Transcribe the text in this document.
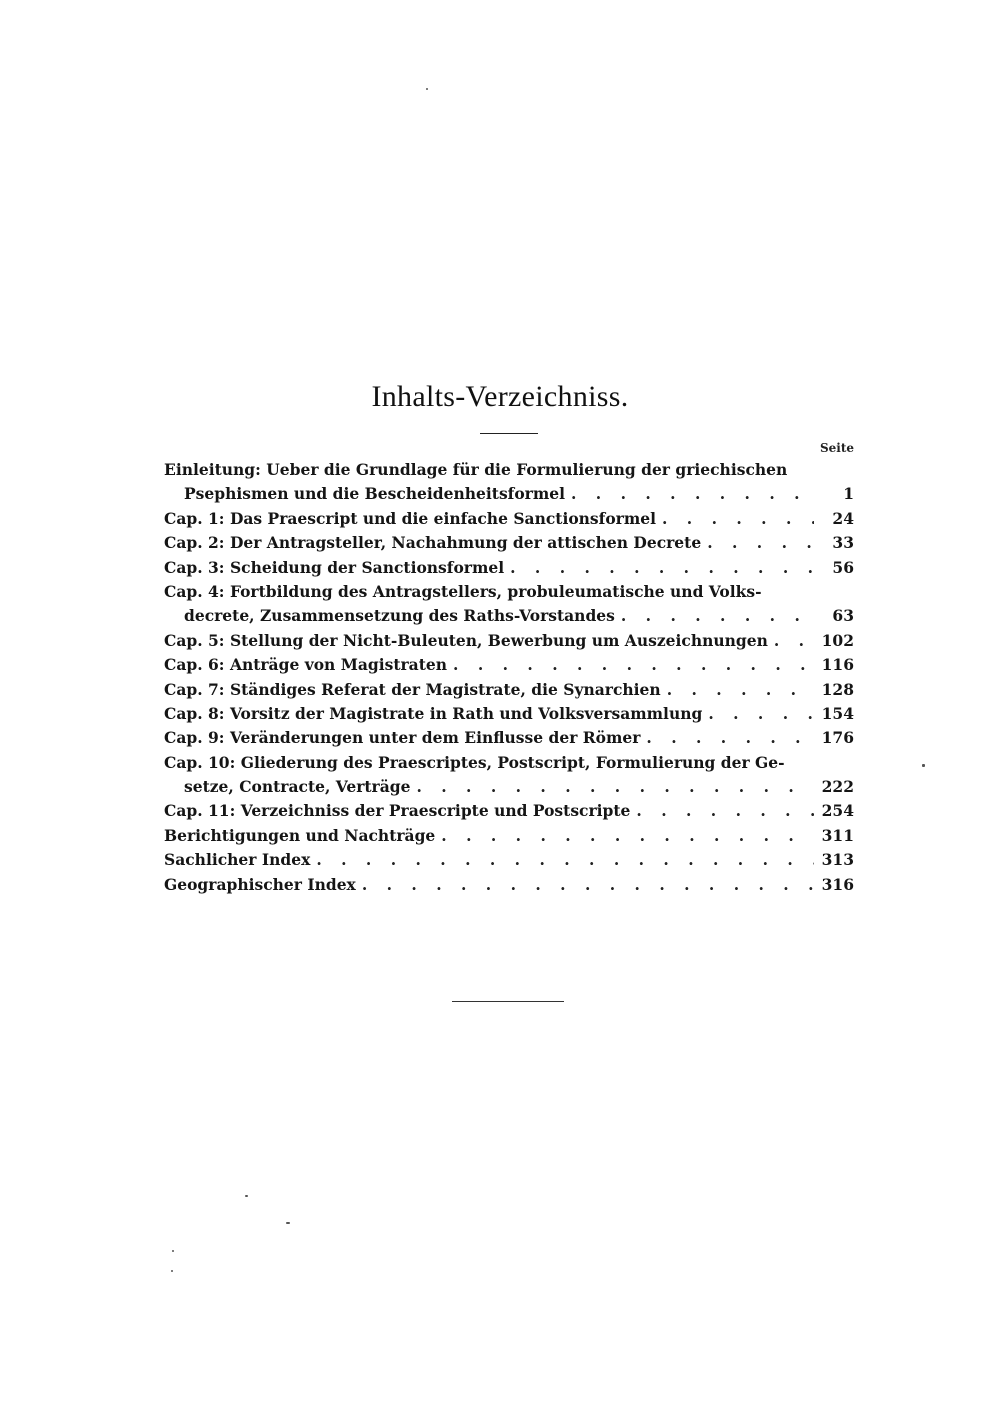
Inhalts-Verzeichniss.
Seite
Einleitung: Ueber die Grundlage für die Formulierung der griechischen
Psephismen und die Bescheidenheitsformel . . .	1
Cap. 1: Das Praescript und die einfache Sanctionsformel . . .	24
Cap. 2: Der Antragsteller, Nachahmung der attischen Decrete . . .	33
Cap. 3: Scheidung der Sanctionsformel . . .	56
Cap. 4: Fortbildung des Antragstellers, probuleumatische und Volks-
decrete, Zusammensetzung des Raths-Vorstandes . . .	63
Cap. 5: Stellung der Nicht-Buleuten, Bewerbung um Auszeichnungen . . .	102
Cap. 6: Anträge von Magistraten . . .	116
Cap. 7: Ständiges Referat der Magistrate, die Synarchien . . .	128
Cap. 8: Vorsitz der Magistrate in Rath und Volksversammlung . . .	154
Cap. 9: Veränderungen unter dem Einflusse der Römer . . .	176
Cap. 10: Gliederung des Praescriptes, Postscript, Formulierung der Ge-
setze, Contracte, Verträge . . .	222
Cap. 11: Verzeichniss der Praescripte und Postscripte . . .	254
Berichtigungen und Nachträge . . .	311
Sachlicher Index . . .	313
Geographischer Index . . .	316
